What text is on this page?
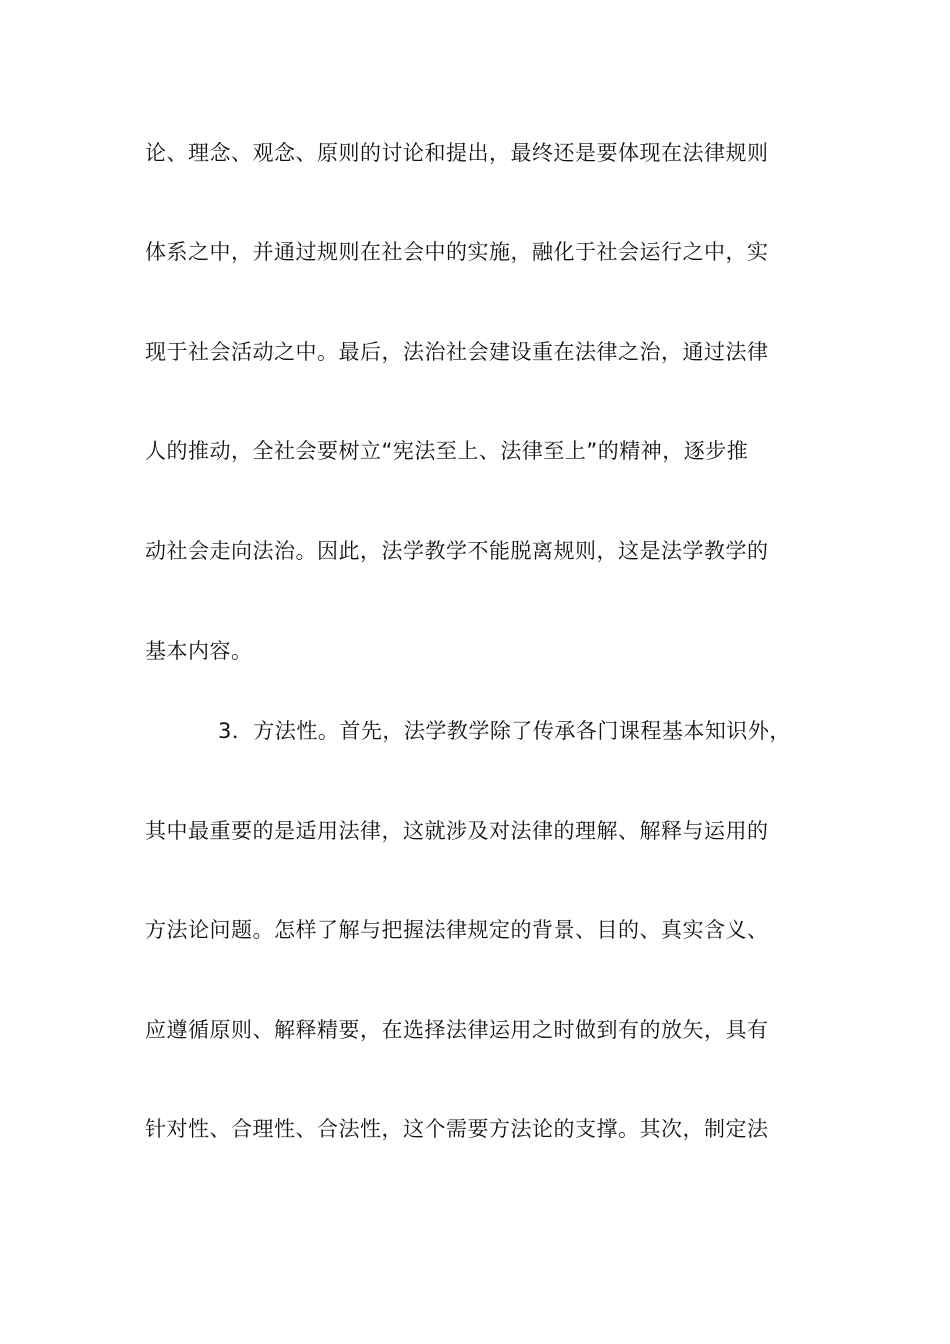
论、理念、观念、原则的讨论和提出，最终还是要体现在法律规则
体系之中，并通过规则在社会中的实施，融化于社会运行之中，实
现于社会活动之中。最后，法治社会建设重在法律之治，通过法律
人的推动，全社会要树立“宪法至上、法律至上”的精神，逐步推
动社会走向法治。因此，法学教学不能脱离规则，这是法学教学的
基本内容。
3．方法性。首先，法学教学除了传承各门课程基本知识外，
其中最重要的是适用法律，这就涉及对法律的理解、解释与运用的
方法论问题。怎样了解与把握法律规定的背景、目的、真实含义、
应遵循原则、解释精要，在选择法律运用之时做到有的放矢，具有
针对性、合理性、合法性，这个需要方法论的支撑。其次，制定法
